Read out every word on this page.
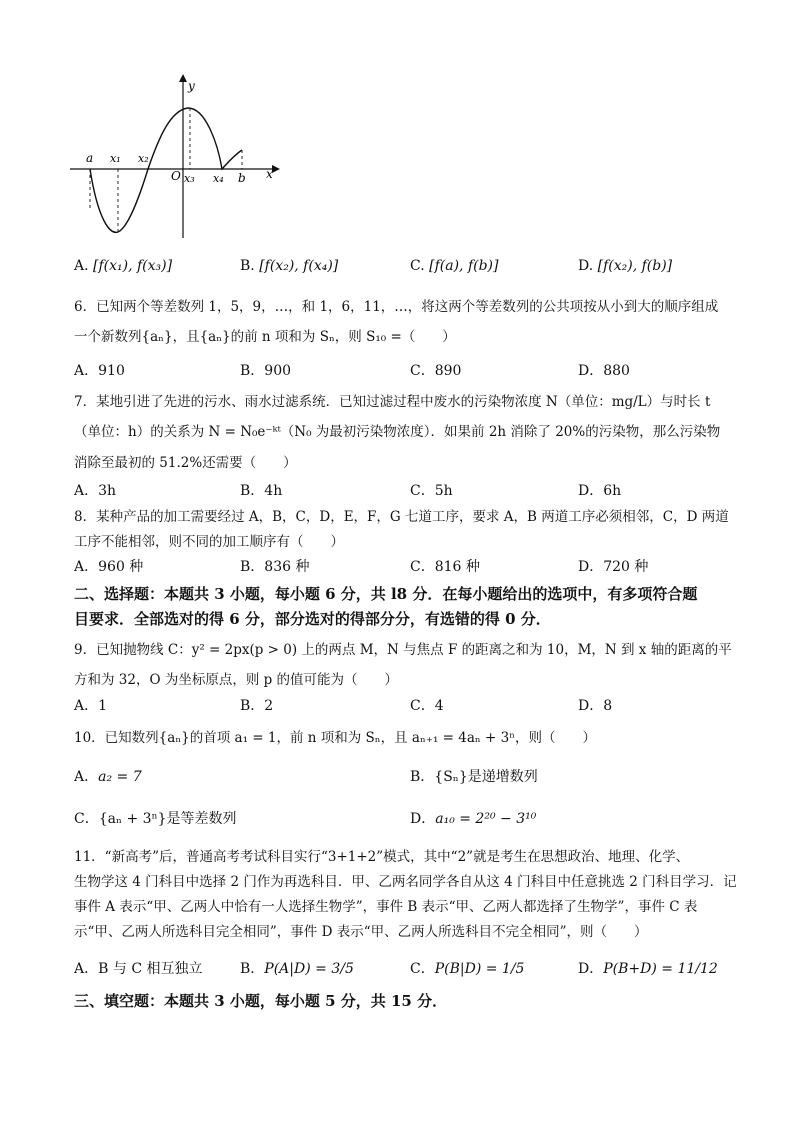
y
x
O
a x₁ x₂
x₃ x₄ b
A. [f(x₁), f(x₃)]	B. [f(x₂), f(x₄)]	C. [f(a), f(b)]	D. [f(x₂), f(b)]
6．已知两个等差数列 1，5，9，…，和 1，6，11，…，将这两个等差数列的公共项按从小到大的顺序组成
一个新数列{aₙ}，且{aₙ}的前 n 项和为 Sₙ，则 S₁₀ =（　　）
A．910	B．900	C．890	D．880
7．某地引进了先进的污水、雨水过滤系统．已知过滤过程中废水的污染物浓度 N（单位：mg/L）与时长 t
（单位：h）的关系为 N = N₀e⁻ᵏᵗ（N₀ 为最初污染物浓度）．如果前 2h 消除了 20%的污染物，那么污染物
消除至最初的 51.2%还需要（　　）
A．3h	B．4h	C．5h	D．6h
8．某种产品的加工需要经过 A，B，C，D，E，F，G 七道工序，要求 A，B 两道工序必须相邻，C，D 两道
工序不能相邻，则不同的加工顺序有（　　）
A．960 种	B．836 种	C．816 种	D．720 种
二、选择题：本题共 3 小题，每小题 6 分，共 l8 分．在每小题给出的选项中，有多项符合题
目要求．全部选对的得 6 分，部分选对的得部分分，有选错的得 0 分．
9．已知抛物线 C：y² = 2px(p > 0) 上的两点 M，N 与焦点 F 的距离之和为 10，M，N 到 x 轴的距离的平
方和为 32，O 为坐标原点，则 p 的值可能为（　　）
A．1	B．2	C．4	D．8
10．已知数列{aₙ}的首项 a₁ = 1，前 n 项和为 Sₙ，且 aₙ₊₁ = 4aₙ + 3ⁿ，则（　　）
A．a₂ = 7	B．{Sₙ}是递增数列
C．{aₙ + 3ⁿ}是等差数列	D．a₁₀ = 2²⁰ − 3¹⁰
11．“新高考”后，普通高考考试科目实行“3+1+2”模式，其中“2”就是考生在思想政治、地理、化学、
生物学这 4 门科目中选择 2 门作为再选科目．甲、乙两名同学各自从这 4 门科目中任意挑选 2 门科目学习．记
事件 A 表示“甲、乙两人中恰有一人选择生物学”，事件 B 表示“甲、乙两人都选择了生物学”，事件 C 表
示“甲、乙两人所选科目完全相同”，事件 D 表示“甲、乙两人所选科目不完全相同”，则（　　）
A．B 与 C 相互独立	B．P(A|D) = 3/5	C．P(B|D) = 1/5	D．P(B+D) = 11/12
三、填空题：本题共 3 小题，每小题 5 分，共 15 分．
